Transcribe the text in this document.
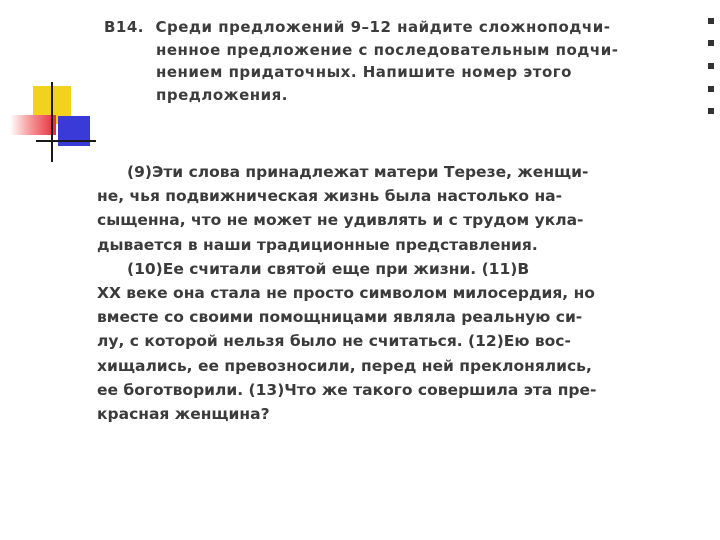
В14. Среди предложений 9–12 найдите сложноподчи-
ненное предложение с последовательным подчи-
нением придаточных. Напишите номер этого
предложения.
(9)Эти слова принадлежат матери Терезе, женщи-
не, чья подвижническая жизнь была настолько на-
сыщенна, что не может не удивлять и с трудом укла-
дывается в наши традиционные представления.
(10)Ее считали святой еще при жизни. (11)В
XX веке она стала не просто символом милосердия, но
вместе со своими помощницами являла реальную си-
лу, с которой нельзя было не считаться. (12)Ею вос-
хищались, ее превозносили, перед ней преклонялись,
ее боготворили. (13)Что же такого совершила эта пре-
красная женщина?
